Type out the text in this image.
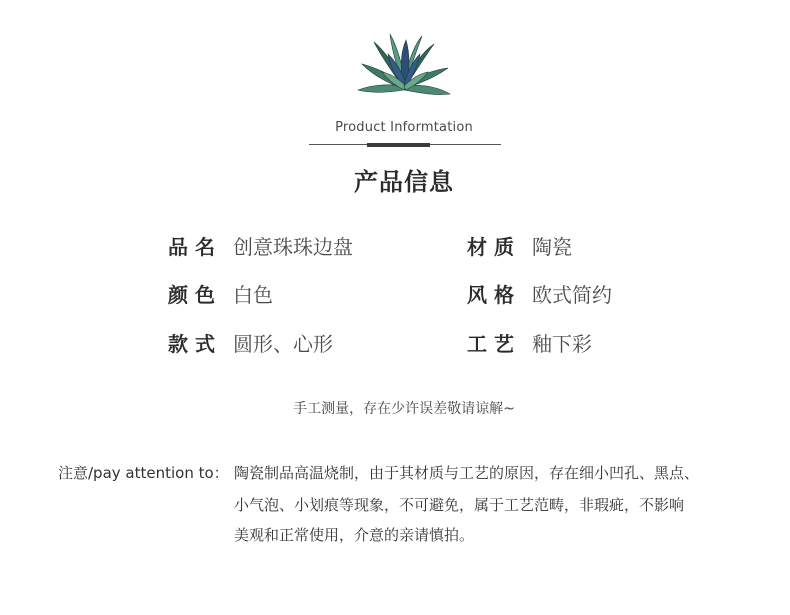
Product Informtation
产品信息
品 名 创意珠珠边盘	材 质 陶瓷
颜 色 白色	风 格 欧式简约
款 式 圆形、心形	工 艺 釉下彩
手工测量，存在少许误差敬请谅解~
注意/pay attention to： 陶瓷制品高温烧制，由于其材质与工艺的原因，存在细小凹孔、黑点、
小气泡、小划痕等现象，不可避免，属于工艺范畴，非瑕疵，不影响
美观和正常使用，介意的亲请慎拍。
